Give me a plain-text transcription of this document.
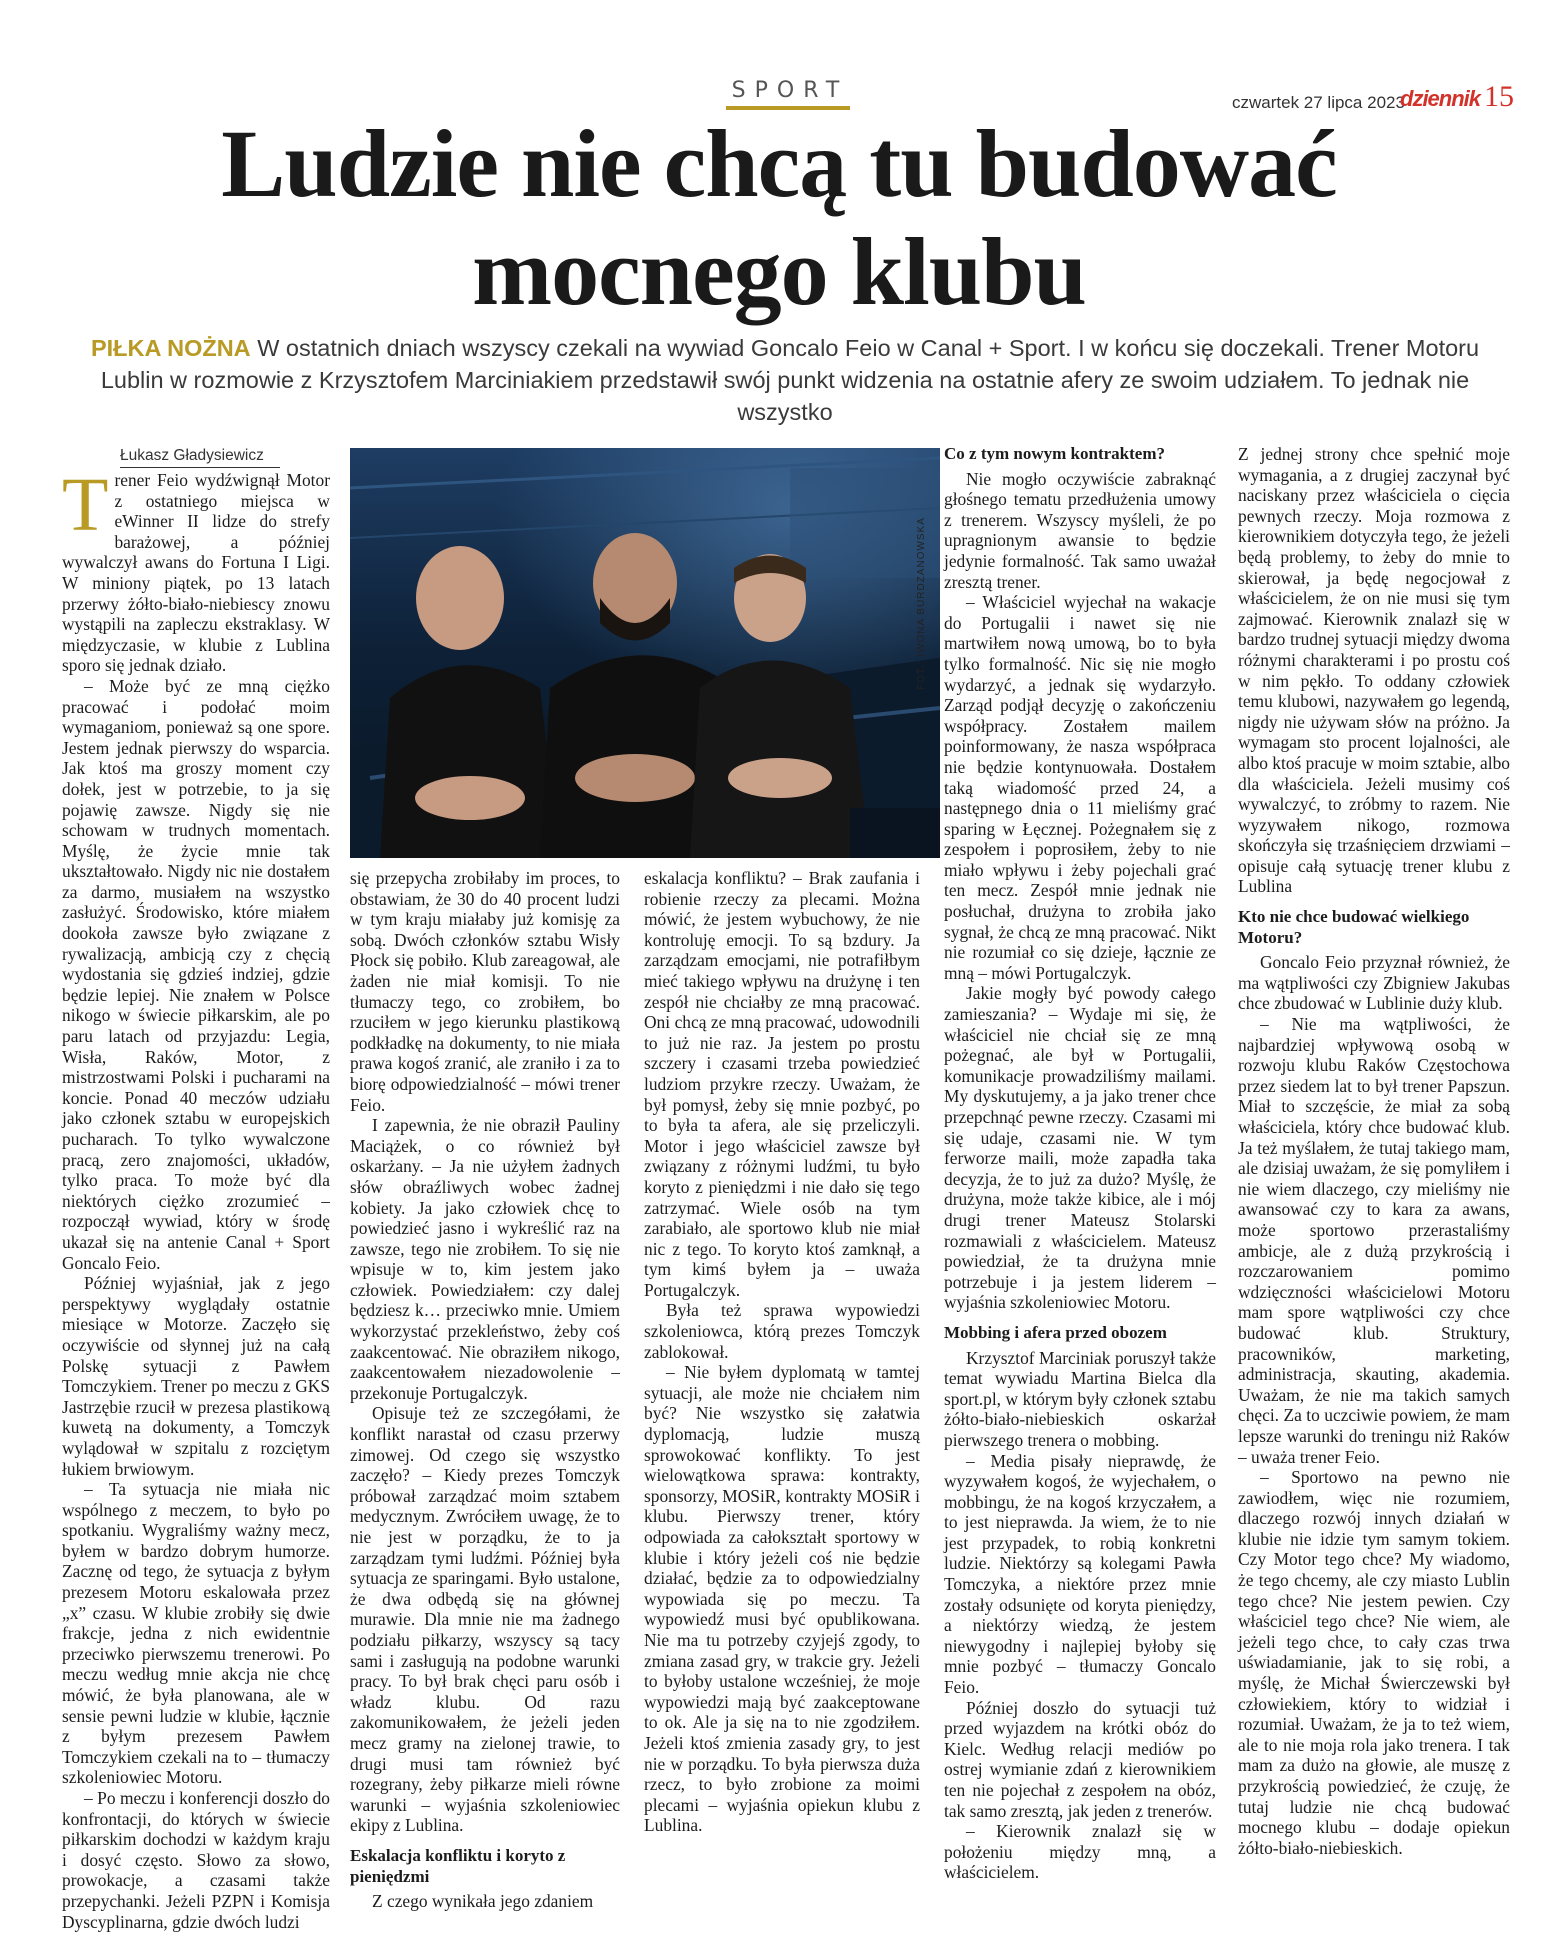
SPORT	czwartek 27 lipca 2023
dziennik 15
Ludzie nie chcą tu budować
mocnego klubu
PIŁKA NOŻNA W ostatnich dniach wszyscy czekali na wywiad Goncalo Feio w Canal + Sport. I w końcu się doczekali. Trener Motoru Lublin w rozmowie z Krzysztofem Marciniakiem przedstawił swój punkt widzenia na ostatnie afery ze swoim udziałem. To jednak nie wszystko
Łukasz Gładysiewicz
FOT.: IWONA BURDZANOWSKA

Trener Feio wydźwignął Motor z ostatniego miejsca w eWinner II lidze do strefy barażowej, a później wywalczył awans do Fortuna I Ligi. W miniony piątek, po 13 latach przerwy żółto-biało-niebiescy znowu wystąpili na zapleczu ekstraklasy. W międzyczasie, w klubie z Lublina sporo się jednak działo.

– Może być ze mną ciężko pracować i podołać moim wymaganiom, ponieważ są one spore. Jestem jednak pierwszy do wsparcia. Jak ktoś ma groszy moment czy dołek, jest w potrzebie, to ja się pojawię zawsze. Nigdy się nie schowam w trudnych momentach. Myślę, że życie mnie tak ukształtowało. Nigdy nic nie dostałem za darmo, musiałem na wszystko zasłużyć. Środowisko, które miałem dookoła zawsze było związane z rywalizacją, ambicją czy z chęcią wydostania się gdzieś indziej, gdzie będzie lepiej. Nie znałem w Polsce nikogo w świecie piłkarskim, ale po paru latach od przyjazdu: Legia, Wisła, Raków, Motor, z mistrzostwami Polski i pucharami na koncie. Ponad 40 meczów udziału jako członek sztabu w europejskich pucharach. To tylko wywalczone pracą, zero znajomości, układów, tylko praca. To może być dla niektórych ciężko zrozumieć – rozpoczął wywiad, który w środę ukazał się na antenie Canal + Sport Goncalo Feio.

Później wyjaśniał, jak z jego perspektywy wyglądały ostatnie miesiące w Motorze. Zaczęło się oczywiście od słynnej już na całą Polskę sytuacji z Pawłem Tomczykiem. Trener po meczu z GKS Jastrzębie rzucił w prezesa plastikową kuwetą na dokumenty, a Tomczyk wylądował w szpitalu z rozciętym łukiem brwiowym.

– Ta sytuacja nie miała nic wspólnego z meczem, to było po spotkaniu. Wygraliśmy ważny mecz, byłem w bardzo dobrym humorze. Zacznę od tego, że sytuacja z byłym prezesem Motoru eskalowała przez „x” czasu. W klubie zrobiły się dwie frakcje, jedna z nich ewidentnie przeciwko pierwszemu trenerowi. Po meczu według mnie akcja nie chcę mówić, że była planowana, ale w sensie pewni ludzie w klubie, łącznie z byłym prezesem Pawłem Tomczykiem czekali na to – tłumaczy szkoleniowiec Motoru.

– Po meczu i konferencji doszło do konfrontacji, do których w świecie piłkarskim dochodzi w każdym kraju i dosyć często. Słowo za słowo, prowokacje, a czasami także przepychanki. Jeżeli PZPN i Komisja Dyscyplinarna, gdzie dwóch ludzi

się przepycha zrobiłaby im proces, to obstawiam, że 30 do 40 procent ludzi w tym kraju miałaby już komisję za sobą. Dwóch członków sztabu Wisły Płock się pobiło. Klub zareagował, ale żaden nie miał komisji. To nie tłumaczy tego, co zrobiłem, bo rzuciłem w jego kierunku plastikową podkładkę na dokumenty, to nie miała prawa kogoś zranić, ale zraniło i za to biorę odpowiedzialność – mówi trener Feio.

I zapewnia, że nie obraził Pauliny Maciążek, o co również był oskarżany. – Ja nie użyłem żadnych słów obraźliwych wobec żadnej kobiety. Ja jako człowiek chcę to powiedzieć jasno i wykreślić raz na zawsze, tego nie zrobiłem. To się nie wpisuje w to, kim jestem jako człowiek. Powiedziałem: czy dalej będziesz k… przeciwko mnie. Umiem wykorzystać przekleństwo, żeby coś zaakcentować. Nie obraziłem nikogo, zaakcentowałem niezadowolenie – przekonuje Portugalczyk.

Opisuje też ze szczegółami, że konflikt narastał od czasu przerwy zimowej. Od czego się wszystko zaczęło? – Kiedy prezes Tomczyk próbował zarządzać moim sztabem medycznym. Zwróciłem uwagę, że to nie jest w porządku, że to ja zarządzam tymi ludźmi. Później była sytuacja ze sparingami. Było ustalone, że dwa odbędą się na głównej murawie. Dla mnie nie ma żadnego podziału piłkarzy, wszyscy są tacy sami i zasługują na podobne warunki pracy. To był brak chęci paru osób i władz klubu. Od razu zakomunikowałem, że jeżeli jeden mecz gramy na zielonej trawie, to drugi musi tam również być rozegrany, żeby piłkarze mieli równe warunki – wyjaśnia szkoleniowiec ekipy z Lublina.

Eskalacja konfliktu i koryto z pieniędzmi

Z czego wynikała jego zdaniem

eskalacja konfliktu? – Brak zaufania i robienie rzeczy za plecami. Można mówić, że jestem wybuchowy, że nie kontroluję emocji. To są bzdury. Ja zarządzam emocjami, nie potrafiłbym mieć takiego wpływu na drużynę i ten zespół nie chciałby ze mną pracować. Oni chcą ze mną pracować, udowodnili to już nie raz. Ja jestem po prostu szczery i czasami trzeba powiedzieć ludziom przykre rzeczy. Uważam, że był pomysł, żeby się mnie pozbyć, po to była ta afera, ale się przeliczyli. Motor i jego właściciel zawsze był związany z różnymi ludźmi, tu było koryto z pieniędzmi i nie dało się tego zatrzymać. Wiele osób na tym zarabiało, ale sportowo klub nie miał nic z tego. To koryto ktoś zamknął, a tym kimś byłem ja – uważa Portugalczyk.

Była też sprawa wypowiedzi szkoleniowca, którą prezes Tomczyk zablokował.

– Nie byłem dyplomatą w tamtej sytuacji, ale może nie chciałem nim być? Nie wszystko się załatwia dyplomacją, ludzie muszą sprowokować konflikty. To jest wielowątkowa sprawa: kontrakty, sponsorzy, MOSiR, kontrakty MOSiR i klubu. Pierwszy trener, który odpowiada za całokształt sportowy w klubie i który jeżeli coś nie będzie działać, będzie za to odpowiedzialny wypowiada się po meczu. Ta wypowiedź musi być opublikowana. Nie ma tu potrzeby czyjejś zgody, to zmiana zasad gry, w trakcie gry. Jeżeli to byłoby ustalone wcześniej, że moje wypowiedzi mają być zaakceptowane to ok. Ale ja się na to nie zgodziłem. Jeżeli ktoś zmienia zasady gry, to jest nie w porządku. To była pierwsza duża rzecz, to było zrobione za moimi plecami – wyjaśnia opiekun klubu z Lublina.

Co z tym nowym kontraktem?

Nie mogło oczywiście zabraknąć głośnego tematu przedłużenia umowy z trenerem. Wszyscy myśleli, że po upragnionym awansie to będzie jedynie formalność. Tak samo uważał zresztą trener.

– Właściciel wyjechał na wakacje do Portugalii i nawet się nie martwiłem nową umową, bo to była tylko formalność. Nic się nie mogło wydarzyć, a jednak się wydarzyło. Zarząd podjął decyzję o zakończeniu współpracy. Zostałem mailem poinformowany, że nasza współpraca nie będzie kontynuowała. Dostałem taką wiadomość przed 24, a następnego dnia o 11 mieliśmy grać sparing w Łęcznej. Pożegnałem się z zespołem i poprosiłem, żeby to nie miało wpływu i żeby pojechali grać ten mecz. Zespół mnie jednak nie posłuchał, drużyna to zrobiła jako sygnał, że chcą ze mną pracować. Nikt nie rozumiał co się dzieje, łącznie ze mną – mówi Portugalczyk.

Jakie mogły być powody całego zamieszania? – Wydaje mi się, że właściciel nie chciał się ze mną pożegnać, ale był w Portugalii, komunikacje prowadziliśmy mailami. My dyskutujemy, a ja jako trener chce przepchnąć pewne rzeczy. Czasami mi się udaje, czasami nie. W tym ferworze maili, może zapadła taka decyzja, że to już za dużo? Myślę, że drużyna, może także kibice, ale i mój drugi trener Mateusz Stolarski rozmawiali z właścicielem. Mateusz powiedział, że ta drużyna mnie potrzebuje i ja jestem liderem – wyjaśnia szkoleniowiec Motoru.

Mobbing i afera przed obozem

Krzysztof Marciniak poruszył także temat wywiadu Martina Bielca dla sport.pl, w którym były członek sztabu żółto-biało-niebieskich oskarżał pierwszego trenera o mobbing.

– Media pisały nieprawdę, że wyzywałem kogoś, że wyjechałem, o mobbingu, że na kogoś krzyczałem, a to jest nieprawda. Ja wiem, że to nie jest przypadek, to robią konkretni ludzie. Niektórzy są kolegami Pawła Tomczyka, a niektóre przez mnie zostały odsunięte od koryta pieniędzy, a niektórzy wiedzą, że jestem niewygodny i najlepiej byłoby się mnie pozbyć – tłumaczy Goncalo Feio.

Później doszło do sytuacji tuż przed wyjazdem na krótki obóz do Kielc. Według relacji mediów po ostrej wymianie zdań z kierownikiem ten nie pojechał z zespołem na obóz, tak samo zresztą, jak jeden z trenerów.

– Kierownik znalazł się w położeniu między mną, a właścicielem.

Z jednej strony chce spełnić moje wymagania, a z drugiej zaczynał być naciskany przez właściciela o cięcia pewnych rzeczy. Moja rozmowa z kierownikiem dotyczyła tego, że jeżeli będą problemy, to żeby do mnie to skierował, ja będę negocjował z właścicielem, że on nie musi się tym zajmować. Kierownik znalazł się w bardzo trudnej sytuacji między dwoma różnymi charakterami i po prostu coś w nim pękło. To oddany człowiek temu klubowi, nazywałem go legendą, nigdy nie używam słów na próżno. Ja wymagam sto procent lojalności, ale albo ktoś pracuje w moim sztabie, albo dla właściciela. Jeżeli musimy coś wywalczyć, to zróbmy to razem. Nie wyzywałem nikogo, rozmowa skończyła się trzaśnięciem drzwiami – opisuje całą sytuację trener klubu z Lublina

Kto nie chce budować wielkiego Motoru?

Goncalo Feio przyznał również, że ma wątpliwości czy Zbigniew Jakubas chce zbudować w Lublinie duży klub.

– Nie ma wątpliwości, że najbardziej wpływową osobą w rozwoju klubu Raków Częstochowa przez siedem lat to był trener Papszun. Miał to szczęście, że miał za sobą właściciela, który chce budować klub. Ja też myślałem, że tutaj takiego mam, ale dzisiaj uważam, że się pomyliłem i nie wiem dlaczego, czy mieliśmy nie awansować czy to kara za awans, może sportowo przerastaliśmy ambicje, ale z dużą przykrością i rozczarowaniem pomimo wdzięczności właścicielowi Motoru mam spore wątpliwości czy chce budować klub. Struktury, pracowników, marketing, administracja, skauting, akademia. Uważam, że nie ma takich samych chęci. Za to uczciwie powiem, że mam lepsze warunki do treningu niż Raków – uważa trener Feio.

– Sportowo na pewno nie zawiodłem, więc nie rozumiem, dlaczego rozwój innych działań w klubie nie idzie tym samym tokiem. Czy Motor tego chce? My wiadomo, że tego chcemy, ale czy miasto Lublin tego chce? Nie jestem pewien. Czy właściciel tego chce? Nie wiem, ale jeżeli tego chce, to cały czas trwa uświadamianie, jak to się robi, a myślę, że Michał Świerczewski był człowiekiem, który to widział i rozumiał. Uważam, że ja to też wiem, ale to nie moja rola jako trenera. I tak mam za dużo na głowie, ale muszę z przykrością powiedzieć, że czuję, że tutaj ludzie nie chcą budować mocnego klubu – dodaje opiekun żółto-biało-niebieskich.
